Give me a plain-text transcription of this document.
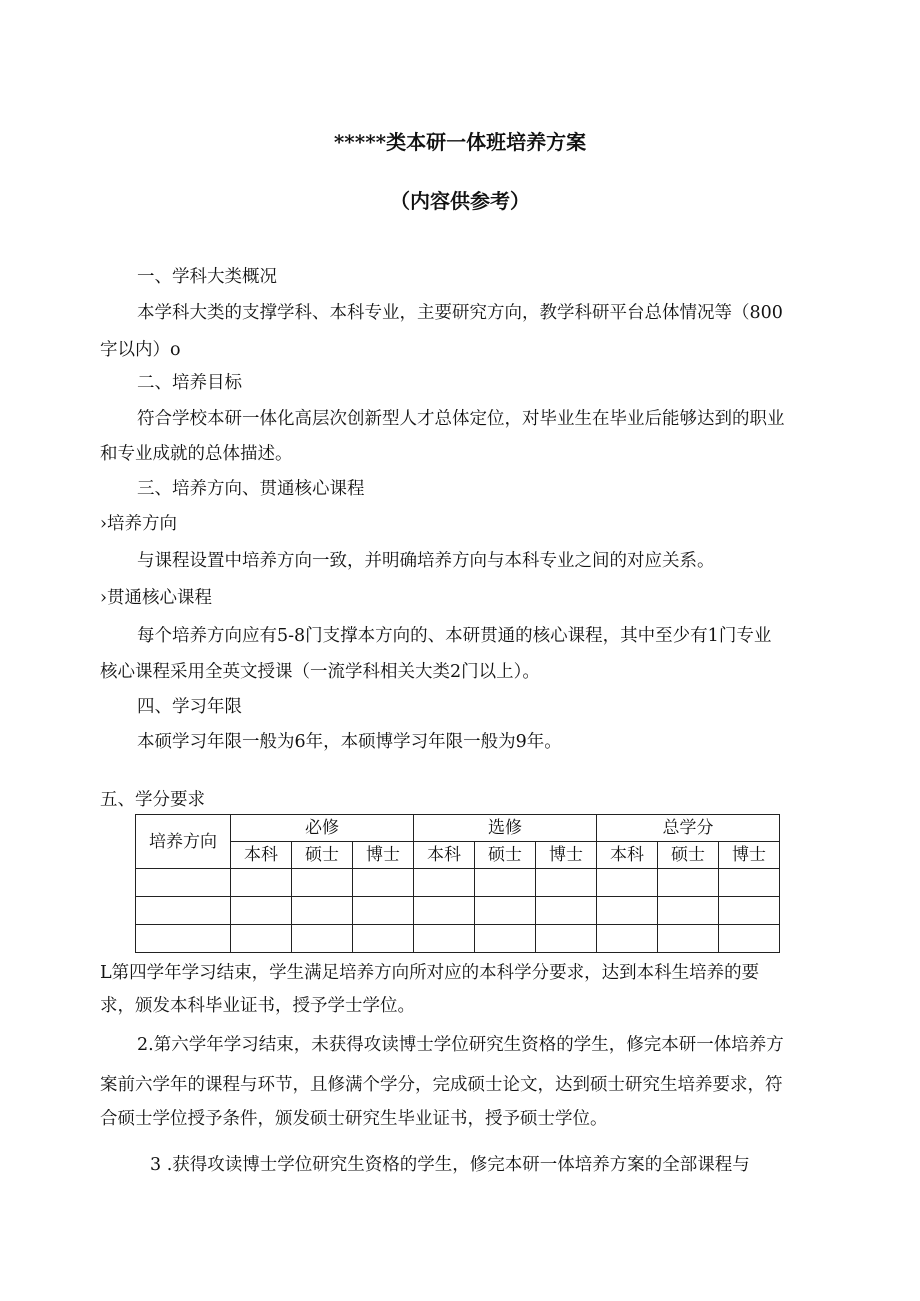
*****类本研一体班培养方案
（内容供参考）
一、学科大类概况
本学科大类的支撑学科、本科专业，主要研究方向，教学科研平台总体情况等（800
字以内）o
二、培养目标
符合学校本研一体化高层次创新型人才总体定位，对毕业生在毕业后能够达到的职业
和专业成就的总体描述。
三、培养方向、贯通核心课程
›培养方向
与课程设置中培养方向一致，并明确培养方向与本科专业之间的对应关系。
›贯通核心课程
每个培养方向应有5-8门支撑本方向的、本研贯通的核心课程，其中至少有1门专业
核心课程采用全英文授课（一流学科相关大类2门以上）。
四、学习年限
本硕学习年限一般为6年，本硕博学习年限一般为9年。
五、学分要求
培养方向	必修			选修			总学分		
	本科	硕士	博士	本科	硕士	博士	本科	硕士	博士

L第四学年学习结束，学生满足培养方向所对应的本科学分要求，达到本科生培养的要
求，颁发本科毕业证书，授予学士学位。
2.第六学年学习结束，未获得攻读博士学位研究生资格的学生，修完本研一体培养方
案前六学年的课程与环节，且修满个学分，完成硕士论文，达到硕士研究生培养要求，符
合硕士学位授予条件，颁发硕士研究生毕业证书，授予硕士学位。
3 .获得攻读博士学位研究生资格的学生，修完本研一体培养方案的全部课程与
